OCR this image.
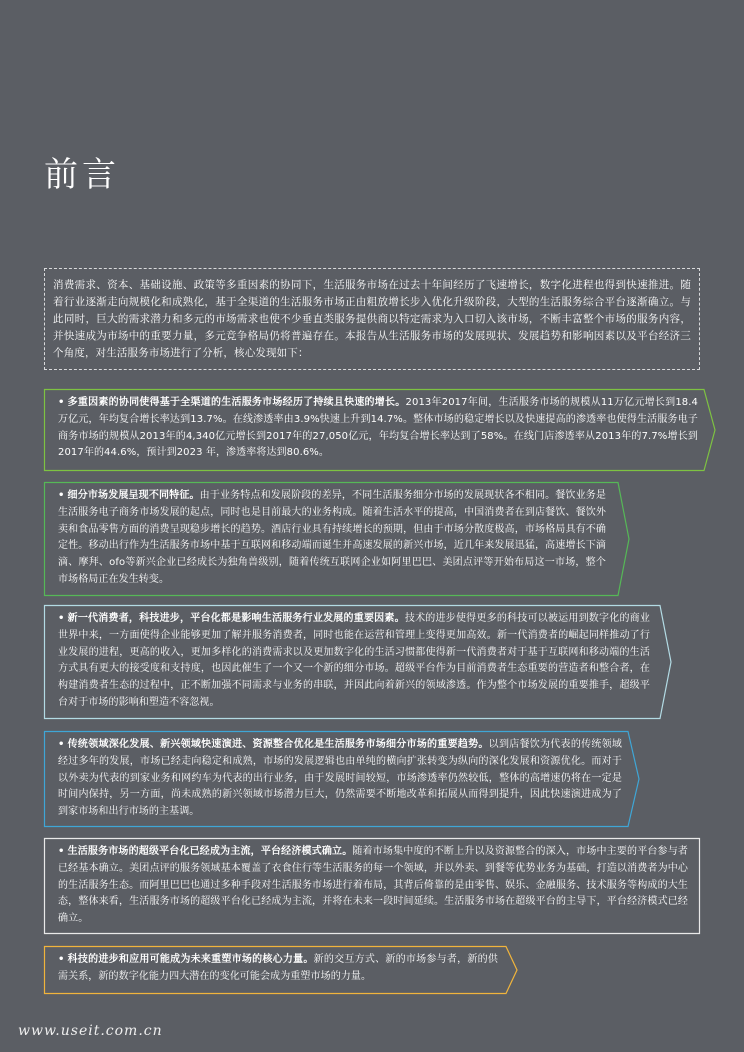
前言
消费需求、资本、基础设施、政策等多重因素的协同下，生活服务市场在过去十年间经历了飞速增长，数字化进程也得到快速推进。随着行业逐渐走向规模化和成熟化，基于全渠道的生活服务市场正由粗放增长步入优化升级阶段，大型的生活服务综合平台逐渐确立。与此同时，巨大的需求潜力和多元的市场需求也使不少垂直类服务提供商以特定需求为入口切入该市场，不断丰富整个市场的服务内容，并快速成为市场中的重要力量，多元竞争格局仍将普遍存在。本报告从生活服务市场的发展现状、发展趋势和影响因素以及平台经济三个角度，对生活服务市场进行了分析，核心发现如下：
• 多重因素的协同使得基于全渠道的生活服务市场经历了持续且快速的增长。2013年2017年间，生活服务市场的规模从11万亿元增长到18.4万亿元，年均复合增长率达到13.7%。在线渗透率由3.9%快速上升到14.7%。整体市场的稳定增长以及快速提高的渗透率也使得生活服务电子商务市场的规模从2013年的4,340亿元增长到2017年的27,050亿元，年均复合增长率达到了58%。在线门店渗透率从2013年的7.7%增长到2017年的44.6%，预计到2023 年，渗透率将达到80.6%。
• 细分市场发展呈现不同特征。由于业务特点和发展阶段的差异，不同生活服务细分市场的发展现状各不相同。餐饮业务是生活服务电子商务市场发展的起点，同时也是目前最大的业务构成。随着生活水平的提高，中国消费者在到店餐饮、餐饮外卖和食品零售方面的消费呈现稳步增长的趋势。酒店行业具有持续增长的预期，但由于市场分散度极高，市场格局具有不确定性。移动出行作为生活服务市场中基于互联网和移动端而诞生并高速发展的新兴市场，近几年来发展迅猛，高速增长下滴滴、摩拜、ofo等新兴企业已经成长为独角兽级别，随着传统互联网企业如阿里巴巴、美团点评等开始布局这一市场，整个市场格局正在发生转变。
• 新一代消费者，科技进步，平台化都是影响生活服务行业发展的重要因素。技术的进步使得更多的科技可以被运用到数字化的商业世界中来，一方面使得企业能够更加了解并服务消费者，同时也能在运营和管理上变得更加高效。新一代消费者的崛起同样推动了行业发展的进程，更高的收入，更加多样化的消费需求以及更加数字化的生活习惯都使得新一代消费者对于基于互联网和移动端的生活方式具有更大的接受度和支持度，也因此催生了一个又一个新的细分市场。超级平台作为目前消费者生态重要的营造者和整合者，在构建消费者生态的过程中，正不断加强不同需求与业务的串联，并因此向着新兴的领域渗透。作为整个市场发展的重要推手，超级平台对于市场的影响和塑造不容忽视。
• 传统领域深化发展、新兴领域快速演进、资源整合优化是生活服务市场细分市场的重要趋势。以到店餐饮为代表的传统领域经过多年的发展，市场已经走向稳定和成熟，市场的发展逻辑也由单纯的横向扩张转变为纵向的深化发展和资源优化。而对于以外卖为代表的到家业务和网约车为代表的出行业务，由于发展时间较短，市场渗透率仍然较低，整体的高增速仍将在一定是时间内保持，另一方面，尚未成熟的新兴领域市场潜力巨大，仍然需要不断地改革和拓展从而得到提升，因此快速演进成为了到家市场和出行市场的主基调。
• 生活服务市场的超级平台化已经成为主流，平台经济模式确立。随着市场集中度的不断上升以及资源整合的深入，市场中主要的平台参与者已经基本确立。美团点评的服务领域基本覆盖了衣食住行等生活服务的每一个领域，并以外卖、到餐等优势业务为基础，打造以消费者为中心的生活服务生态。而阿里巴巴也通过多种手段对生活服务市场进行着布局，其背后倚靠的是由零售、娱乐、金融服务、技术服务等构成的大生态，整体来看，生活服务市场的超级平台化已经成为主流，并将在未来一段时间延续。生活服务市场在超级平台的主导下，平台经济模式已经确立。
• 科技的进步和应用可能成为未来重塑市场的核心力量。新的交互方式、新的市场参与者，新的供需关系，新的数字化能力四大潜在的变化可能会成为重塑市场的力量。
www.useit.com.cn
